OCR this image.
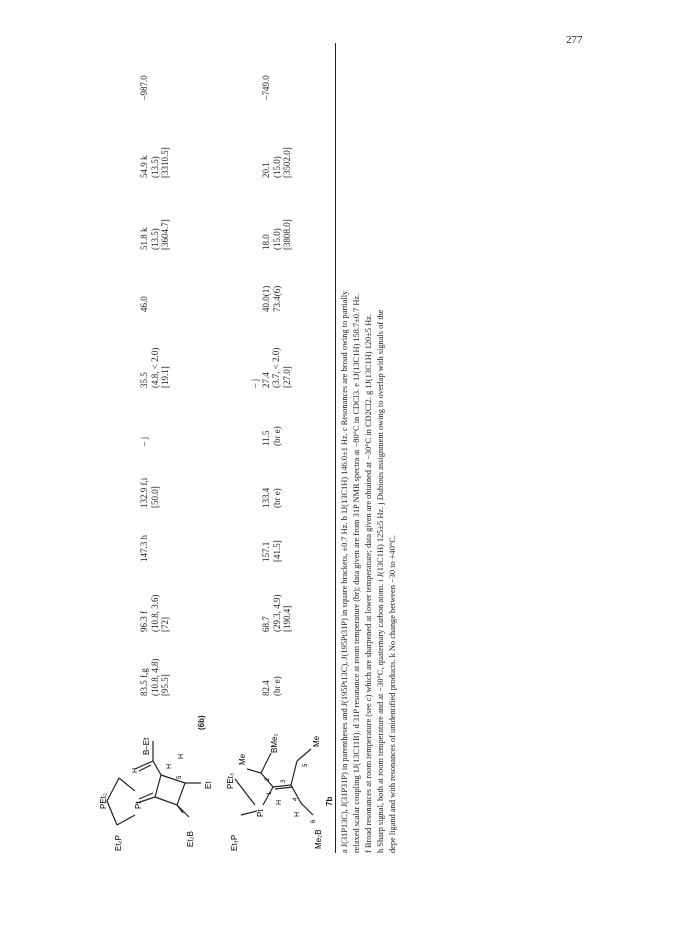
277
PEt₂
Et₂P
Pt
H
Et₂B
B–Et
H
5
H
Et
(6b)
PEt₃
Et₃P
Pt
Me
H
1
2
3
H
4
BMe₂
Me₂B
6
5
Me
7b
83.5 f,g (10.8, 4.8) [95.5]
96.3 f (10.8, 3.6) [72]
147.3 h
132.9 f,i [50.0]
– j
35.5 (4.8, < 2.0) [19.1]
46.0
51.8 k (13.5) [3604.7]
54.9 k (13.5) [3310.5]
–987.0
82.4 (br e)
68.7 (29.3, 4.9) [190.4]
157.1 [41.5]
133.4 (br e)
11.5 (br e)
– j 27.4 (3.7, < 2.0) [27.0]
40.0(1) 73.4(6)
18.0 (15.0) [3808.0]
20.1 (15.0) [3502.0]
–749.0

a J(31P13C), J(31P31P) in parentheses and J(195Pt13C), J(195Pt31P) in square brackets, ±0.7 Hz. b 1J(13C1H) 146.0±1 Hz. c Resonances are broad owing to partially relaxed scalar coupling 1J(13C11B). d 31P resonance at room temperature (br); data given are from 31P NMR spectra at −80°C in CDCl3. e 1J(13C1H) 158.7±0.7 Hz. f Broad resonances at room temperature (see c) which are sharpened at lower temperature; data given are obtained at −30°C in CD2Cl2. g 1J(13C1H) 120±5 Hz. h Sharp signal, both at room temperature and at −30°C, quaternary carbon atom. i J(13C1H) 125±5 Hz. j Dubious assignment owing to overlap with signals of the depe ligand and with resonances of unidentified products. k No change between −30 to +40°C.
